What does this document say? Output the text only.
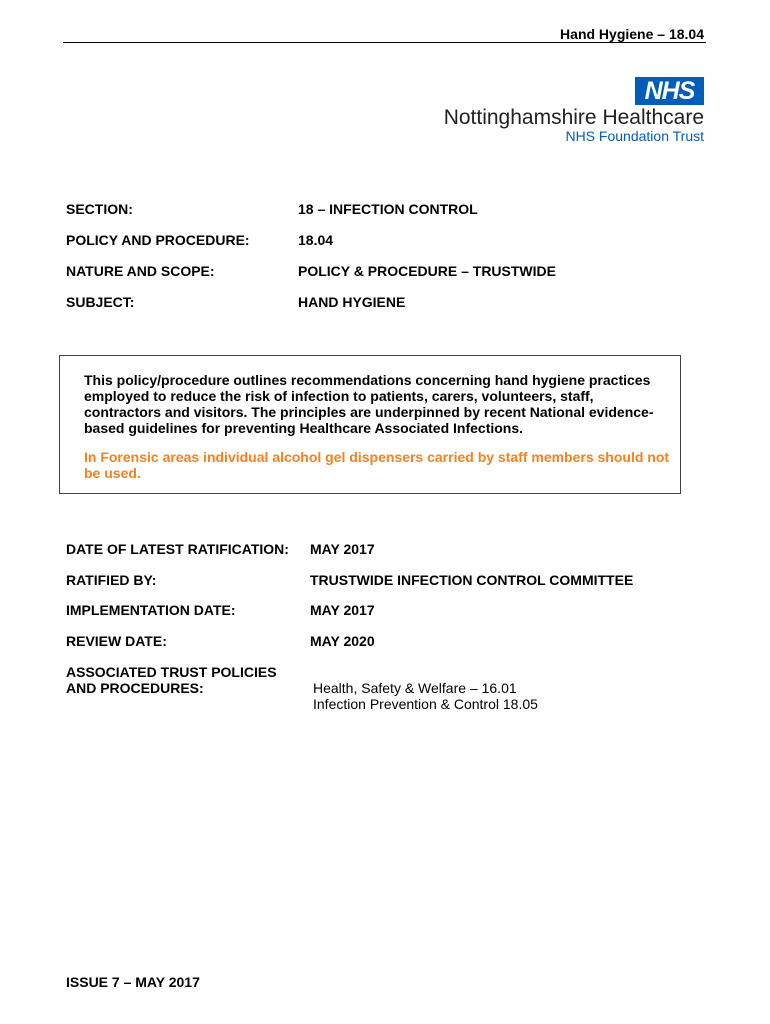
Hand Hygiene – 18.04
NHS
Nottinghamshire Healthcare
NHS Foundation Trust
SECTION:	18 – INFECTION CONTROL
POLICY AND PROCEDURE:	18.04
NATURE AND SCOPE:	POLICY & PROCEDURE – TRUSTWIDE
SUBJECT:	HAND HYGIENE
This policy/procedure outlines recommendations concerning hand hygiene practices employed to reduce the risk of infection to patients, carers, volunteers, staff, contractors and visitors. The principles are underpinned by recent National evidence-based guidelines for preventing Healthcare Associated Infections.
In Forensic areas individual alcohol gel dispensers carried by staff members should not be used.
DATE OF LATEST RATIFICATION: MAY 2017
RATIFIED BY:	TRUSTWIDE INFECTION CONTROL COMMITTEE
IMPLEMENTATION DATE:	MAY 2017
REVIEW DATE:	MAY 2020
ASSOCIATED TRUST POLICIES
AND PROCEDURES:	Health, Safety & Welfare – 16.01
Infection Prevention & Control 18.05
ISSUE 7 – MAY 2017
